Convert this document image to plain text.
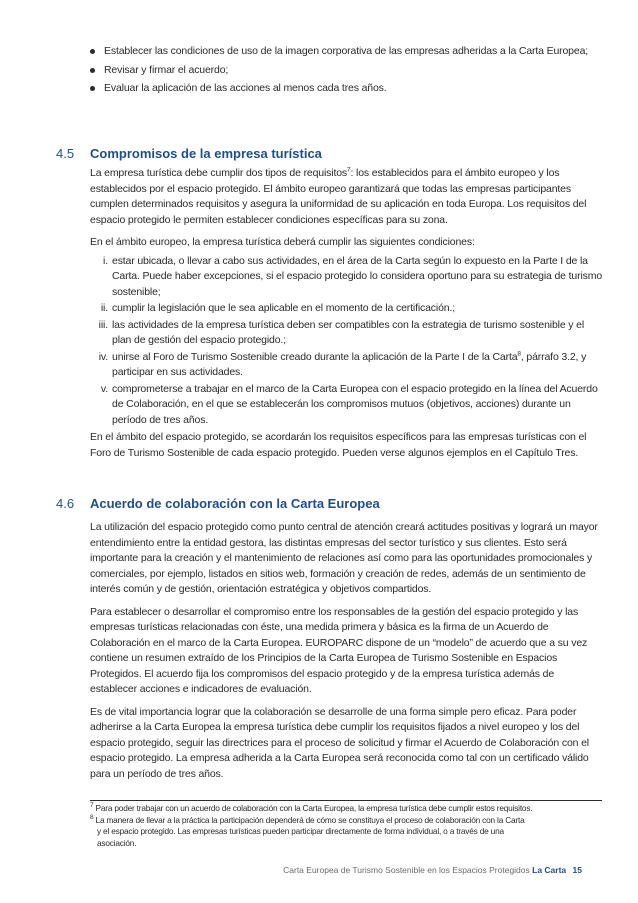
Establecer las condiciones de uso de la imagen corporativa de las empresas adheridas a la Carta Europea;
Revisar y firmar el acuerdo;
Evaluar la aplicación de las acciones al menos cada tres años.
4.5	Compromisos de la empresa turística

La empresa turística debe cumplir dos tipos de requisitos$^7$: los establecidos para el ámbito europeo y los establecidos por el espacio protegido. El ámbito europeo garantizará que todas las empresas participantes cumplen determinados requisitos y asegura la uniformidad de su aplicación en toda Europa. Los requisitos del espacio protegido le permiten establecer condiciones específicas para su zona.

En el ámbito europeo, la empresa turística deberá cumplir las siguientes condiciones:

i. estar ubicada, o llevar a cabo sus actividades, en el área de la Carta según lo expuesto en la Parte I de la Carta. Puede haber excepciones, si el espacio protegido lo considera oportuno para su estrategia de turismo sostenible;
ii. cumplir la legislación que le sea aplicable en el momento de la certificación.;
iii. las actividades de la empresa turística deben ser compatibles con la estrategia de turismo sostenible y el plan de gestión del espacio protegido.;
iv. unirse al Foro de Turismo Sostenible creado durante la aplicación de la Parte I de la Carta$^8$, párrafo 3.2, y participar en sus actividades.
v. comprometerse a trabajar en el marco de la Carta Europea con el espacio protegido en la línea del Acuerdo de Colaboración, en el que se establecerán los compromisos mutuos (objetivos, acciones) durante un período de tres años.

En el ámbito del espacio protegido, se acordarán los requisitos específicos para las empresas turísticas con el Foro de Turismo Sostenible de cada espacio protegido. Pueden verse algunos ejemplos en el Capítulo Tres.

4.6	Acuerdo de colaboración con la Carta Europea

La utilización del espacio protegido como punto central de atención creará actitudes positivas y logrará un mayor entendimiento entre la entidad gestora, las distintas empresas del sector turístico y sus clientes. Esto será importante para la creación y el mantenimiento de relaciones así como para las oportunidades promocionales y comerciales, por ejemplo, listados en sitios web, formación y creación de redes, además de un sentimiento de interés común y de gestión, orientación estratégica y objetivos compartidos.

Para establecer o desarrollar el compromiso entre los responsables de la gestión del espacio protegido y las empresas turísticas relacionadas con éste, una medida primera y básica es la firma de un Acuerdo de Colaboración en el marco de la Carta Europea. EUROPARC dispone de un “modelo” de acuerdo que a su vez contiene un resumen extraído de los Principios de la Carta Europea de Turismo Sostenible en Espacios Protegidos. El acuerdo fija los compromisos del espacio protegido y de la empresa turística además de establecer acciones e indicadores de evaluación.

Es de vital importancia lograr que la colaboración se desarrolle de una forma simple pero eficaz. Para poder adherirse a la Carta Europea la empresa turística debe cumplir los requisitos fijados a nivel europeo y los del espacio protegido, seguir las directrices para el proceso de solicitud y firmar el Acuerdo de Colaboración con el espacio protegido. La empresa adherida a la Carta Europea será reconocida como tal con un certificado válido para un período de tres años.

$^7$ Para poder trabajar con un acuerdo de colaboración con la Carta Europea, la empresa turística debe cumplir estos requisitos.
$^8$ La manera de llevar a la práctica la participación dependerá de cómo se constituya el proceso de colaboración con la Carta
y el espacio protegido. Las empresas turísticas pueden participar directamente de forma individual, o a través de una
asociación.
Carta Europea de Turismo Sostenible en los Espacios Protegidos La Carta 15
